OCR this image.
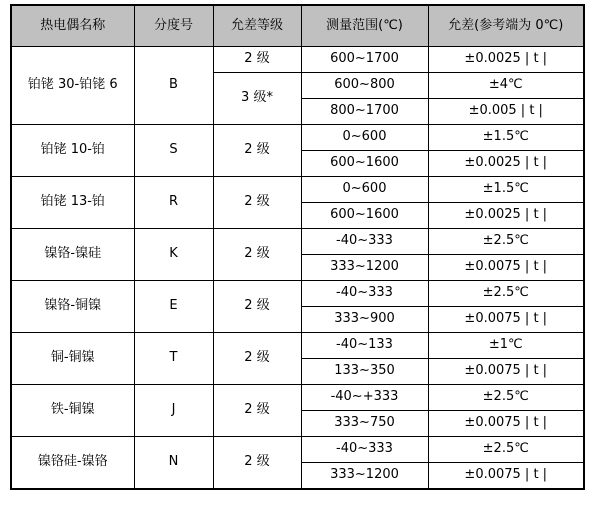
热电偶名称	分度号	允差等级	测量范围(℃)	允差(参考端为 0℃)
铂铑 30-铂铑 6	B	2 级	600~1700	±0.0025 | t |
		3 级*	600~800	±4℃
			800~1700	±0.005 | t |
铂铑 10-铂	S	2 级	0~600	±1.5℃
			600~1600	±0.0025 | t |
铂铑 13-铂	R	2 级	0~600	±1.5℃
			600~1600	±0.0025 | t |
镍铬-镍硅	K	2 级	-40~333	±2.5℃
			333~1200	±0.0075 | t |
镍铬-铜镍	E	2 级	-40~333	±2.5℃
			333~900	±0.0075 | t |
铜-铜镍	T	2 级	-40~133	±1℃
			133~350	±0.0075 | t |
铁-铜镍	J	2 级	-40~+333	±2.5℃
			333~750	±0.0075 | t |
镍铬硅-镍铬	N	2 级	-40~333	±2.5℃
			333~1200	±0.0075 | t |
